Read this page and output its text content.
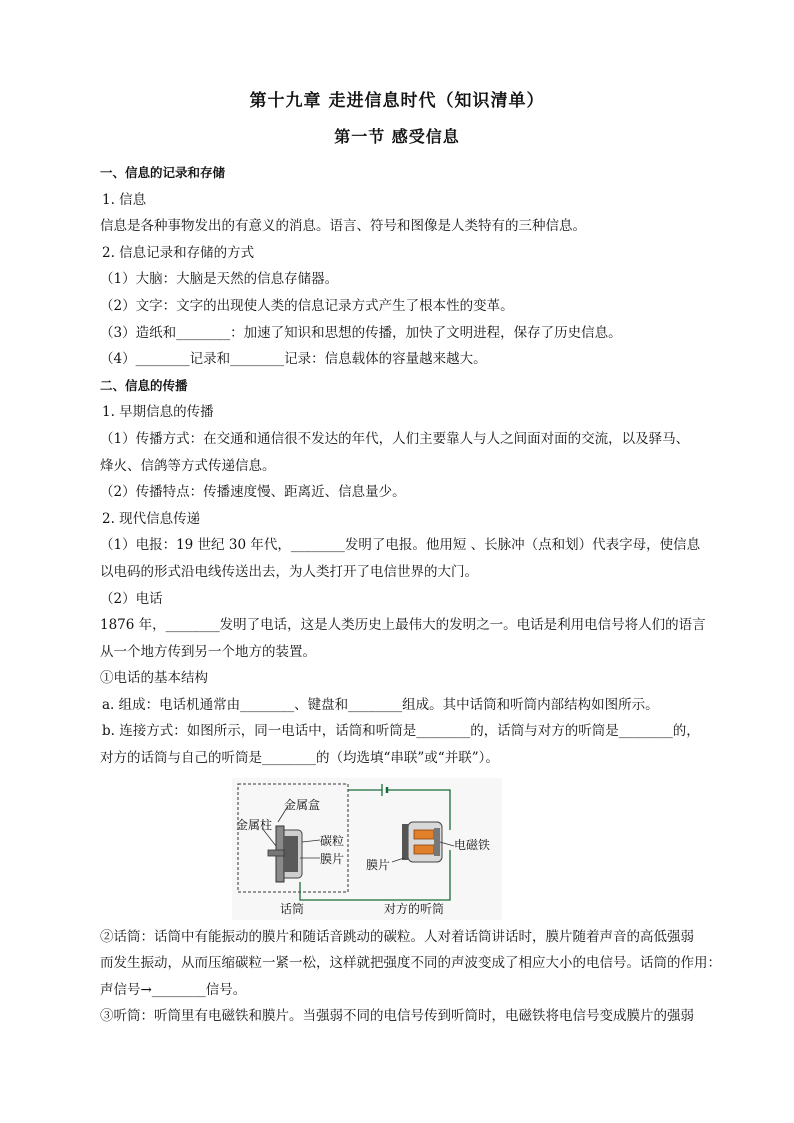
第十九章 走进信息时代（知识清单）
第一节 感受信息
一、信息的记录和存储
1. 信息
信息是各种事物发出的有意义的消息。语言、符号和图像是人类特有的三种信息。
2. 信息记录和存储的方式
（1）大脑：大脑是天然的信息存储器。
（2）文字：文字的出现使人类的信息记录方式产生了根本性的变革。
（3）造纸和________：加速了知识和思想的传播，加快了文明进程，保存了历史信息。
（4）________记录和________记录：信息载体的容量越来越大。
二、信息的传播
1. 早期信息的传播
（1）传播方式：在交通和通信很不发达的年代，人们主要靠人与人之间面对面的交流，以及驿马、
烽火、信鸽等方式传递信息。
（2）传播特点：传播速度慢、距离近、信息量少。
2. 现代信息传递
（1）电报：19 世纪 30 年代，________发明了电报。他用短 、长脉冲（点和划）代表字母，使信息
以电码的形式沿电线传送出去，为人类打开了电信世界的大门。
（2）电话
1876 年，________发明了电话，这是人类历史上最伟大的发明之一。电话是利用电信号将人们的语言
从一个地方传到另一个地方的装置。
①电话的基本结构
a. 组成：电话机通常由________、键盘和________组成。其中话筒和听筒内部结构如图所示。
b. 连接方式：如图所示，同一电话中，话筒和听筒是________的，话筒与对方的听筒是________的，
对方的话筒与自己的听筒是________的（均选填“串联”或“并联”）。
金属盒
金属柱
碳粒
膜片 膜片
电磁铁
话筒	对方的听筒
②话筒：话筒中有能振动的膜片和随话音跳动的碳粒。人对着话筒讲话时，膜片随着声音的高低强弱
而发生振动，从而压缩碳粒一紧一松，这样就把强度不同的声波变成了相应大小的电信号。话筒的作用：
声信号→________信号。
③听筒：听筒里有电磁铁和膜片。当强弱不同的电信号传到听筒时，电磁铁将电信号变成膜片的强弱
